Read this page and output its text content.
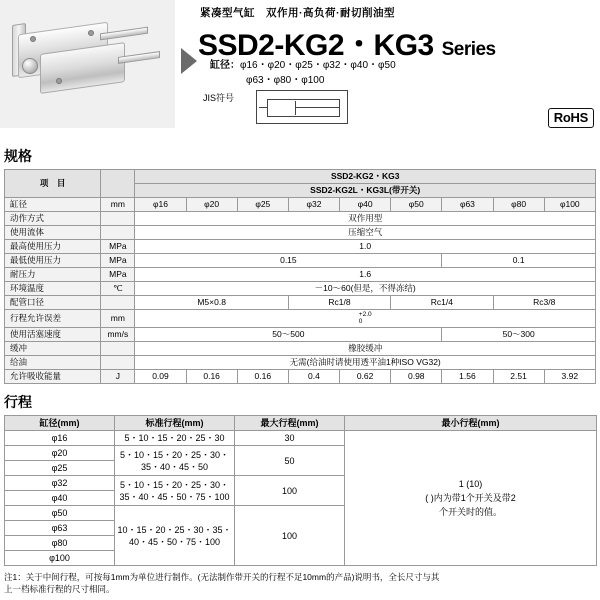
紧凑型气缸　双作用·高负荷·耐切削油型
SSD2-KG2・KG3 Series
缸径：φ16・φ20・φ25・φ32・φ40・φ50
φ63・φ80・φ100
JIS符号
RoHS
规格
项　目		SSD2-KG2・KG3								
		SSD2-KG2L・KG3L(带开关)								
缸径	mm	φ16	φ20	φ25	φ32	φ40	φ50	φ63	φ80	φ100
动作方式		双作用型								
使用流体		压缩空气								
最高使用压力	MPa	1.0								
最低使用压力	MPa	0.15						0.1		
耐压力	MPa	1.6								
环境温度	℃	－10～60(但是，不得冻结)								
配管口径		M5×0.8			Rc1/8		Rc1/4		Rc3/8	
行程允许误差	mm	+2.0
0								
使用活塞速度	mm/s	50～500						50～300		
缓冲		橡胶缓冲								
给油		无需(给油时请使用透平油1种ISO VG32)								
允许吸收能量	J	0.09	0.16	0.16	0.4	0.62	0.98	1.56	2.51	3.92
行程
缸径(mm)	标准行程(mm)	最大行程(mm)	最小行程(mm)
φ16	5・10・15・20・25・30	30	1 (10)
( )内为带1个开关及带2
个开关时的值。

φ20	5・10・15・20・25・30・35・40・45・50	50	
φ25			
φ32	5・10・15・20・25・30・35・40・45・50・75・100	100	
φ40			
φ50	10・15・20・25・30・35・40・45・50・75・100	100	
φ63			
φ80			
φ100			
注1：关于中间行程，可按每1mm为单位进行制作。(无法制作带开关的行程不足10mm的产品)说明书，全长尺寸与其
上一档标准行程的尺寸相同。
